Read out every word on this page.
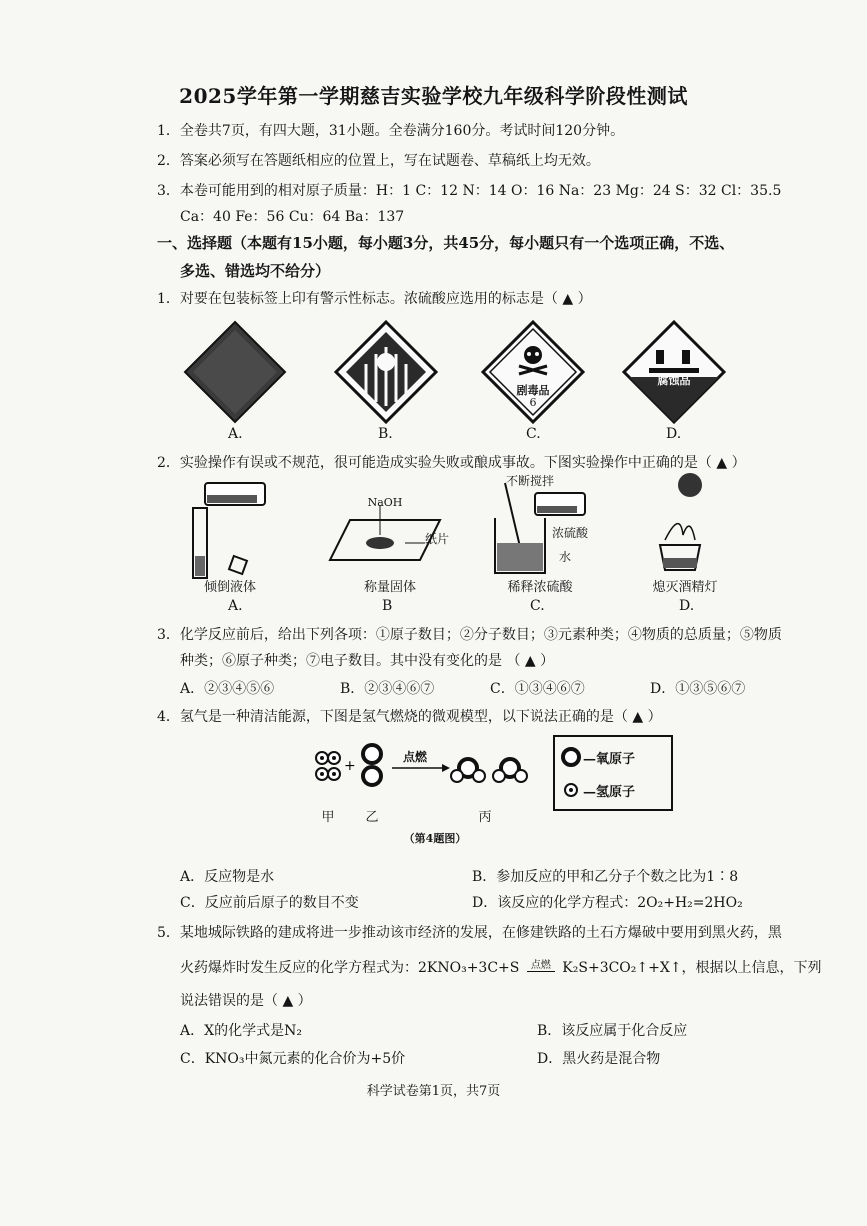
2025学年第一学期慈吉实验学校九年级科学阶段性测试
1．全卷共7页，有四大题，31小题。全卷满分160分。考试时间120分钟。
2．答案必须写在答题纸相应的位置上，写在试题卷、草稿纸上均无效。
3．本卷可能用到的相对原子质量：H：1 C：12 N：14 O：16 Na：23 Mg：24 S：32 Cl：35.5
Ca：40 Fe：56 Cu：64 Ba：137
一、选择题（本题有15小题，每小题3分，共45分，每小题只有一个选项正确，不选、
多选、错选均不给分）
1．对要在包装标签上印有警示性标志。浓硫酸应选用的标志是（ ▲ ）
剧毒品
6
腐蚀品
A.	B.	C.	D.
2．实验操作有误或不规范，很可能造成实验失败或酿成事故。下图实验操作中正确的是（ ▲ ）
倾倒液体
NaOH
纸片
称量固体
不断搅拌
浓硫酸
水
稀释浓硫酸	熄灭酒精灯
A.	B	C.	D.
3．化学反应前后，给出下列各项：①原子数目；②分子数目；③元素种类；④物质的总质量；⑤物质
种类；⑥原子种类；⑦电子数目。其中没有变化的是 （ ▲ ）
A．②③④⑤⑥	B．②③④⑥⑦	C．①③④⑥⑦	D．①③⑤⑥⑦
4．氢气是一种清洁能源，下图是氢气燃烧的微观模型，以下说法正确的是（ ▲ ）
+
点燃	—氧原子
—氢原子
甲 乙	丙
（第4题图）
A．反应物是水	B．参加反应的甲和乙分子个数之比为1∶8
C．反应前后原子的数目不变	D．该反应的化学方程式：2O₂+H₂=2HO₂
5．某地城际铁路的建成将进一步推动该市经济的发展，在修建铁路的土石方爆破中要用到黑火药，黑
火药爆炸时发生反应的化学方程式为：2KNO₃+3C+S 点燃 K₂S+3CO₂↑+X↑，根据以上信息，下列
说法错误的是（ ▲ ）
A．X的化学式是N₂	B．该反应属于化合反应
C．KNO₃中氮元素的化合价为+5价	D．黑火药是混合物
科学试卷第1页，共7页
